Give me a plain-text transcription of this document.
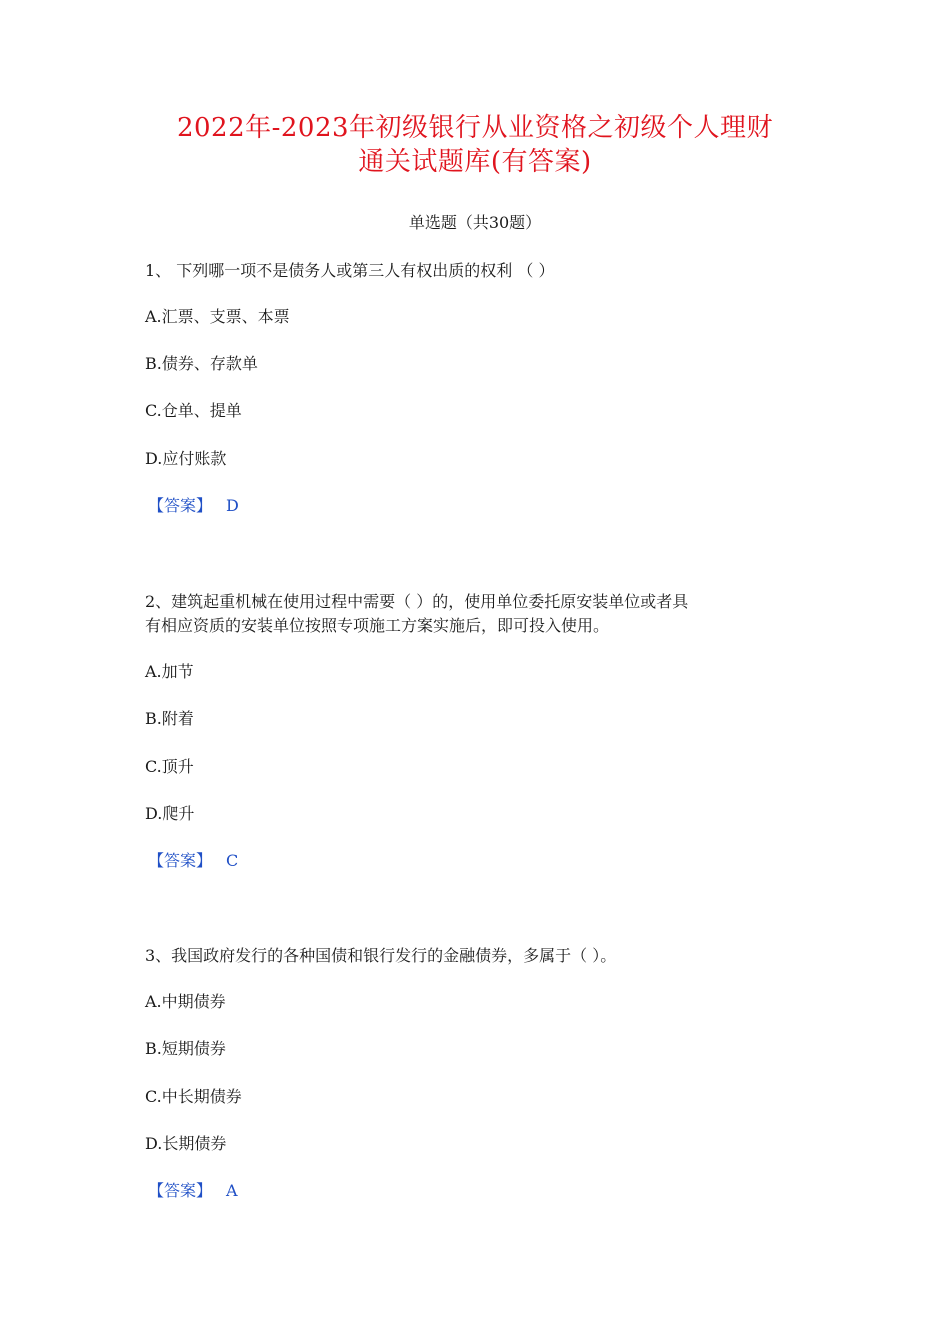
2022年-2023年初级银行从业资格之初级个人理财
通关试题库(有答案)
单选题（共30题）
1、 下列哪一项不是债务人或第三人有权出质的权利 （ ）
A.汇票、支票、本票
B.债券、存款单
C.仓单、提单
D.应付账款
【答案】 D
2、建筑起重机械在使用过程中需要（ ）的，使用单位委托原安装单位或者具
有相应资质的安装单位按照专项施工方案实施后，即可投入使用。
A.加节
B.附着
C.顶升
D.爬升
【答案】 C
3、我国政府发行的各种国债和银行发行的金融债券，多属于（ ）。
A.中期债券
B.短期债券
C.中长期债券
D.长期债券
【答案】 A
